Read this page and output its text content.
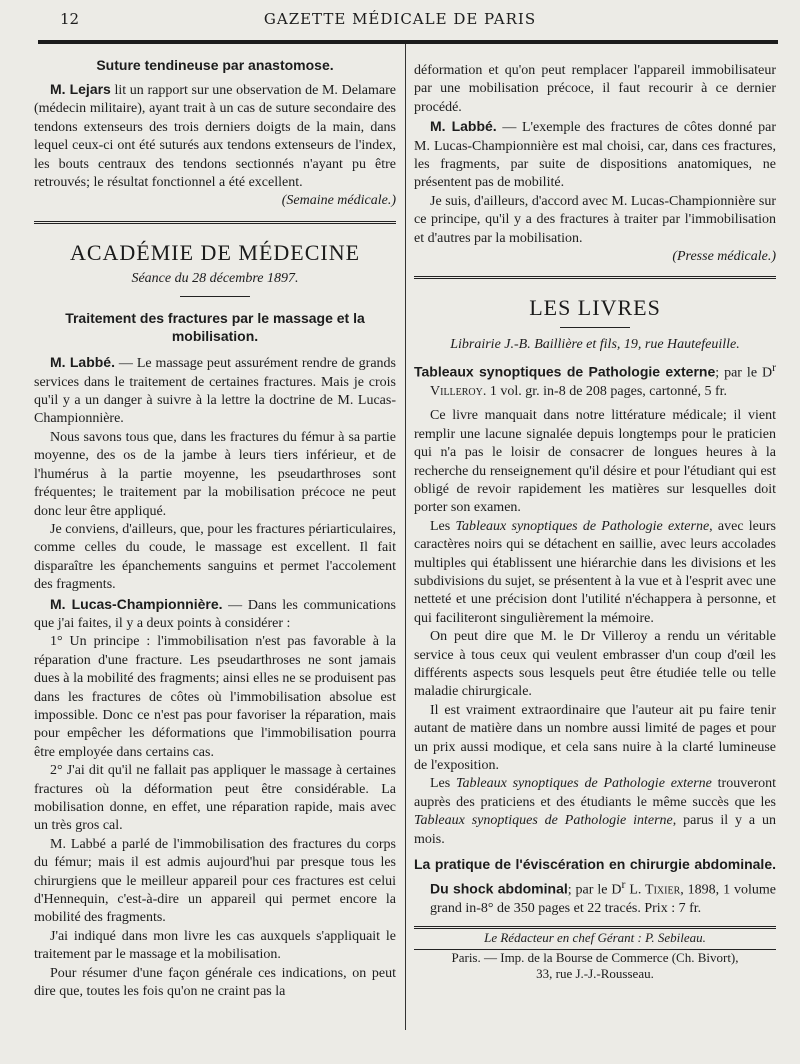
12	GAZETTE MÉDICALE DE PARIS
Suture tendineuse par anastomose.

M. Lejars lit un rapport sur une observation de M. Delamare (médecin militaire), ayant trait à un cas de suture secondaire des tendons extenseurs des trois derniers doigts de la main, dans lequel ceux-ci ont été suturés aux tendons extenseurs de l'index, les bouts centraux des tendons sectionnés n'ayant pu être retrouvés; le résultat fonctionnel a été excellent.

(Semaine médicale.)
ACADÉMIE DE MÉDECINE
Séance du 28 décembre 1897.
Traitement des fractures par le massage et la mobilisation.

M. Labbé. — Le massage peut assurément rendre de grands services dans le traitement de certaines fractures. Mais je crois qu'il y a un danger à suivre à la lettre la doctrine de M. Lucas-Championnière.

Nous savons tous que, dans les fractures du fémur à sa partie moyenne, des os de la jambe à leurs tiers inférieur, et de l'humérus à la partie moyenne, les pseudarthroses sont fréquentes; le traitement par la mobilisation précoce ne peut donc leur être appliqué.

Je conviens, d'ailleurs, que, pour les fractures périarticulaires, comme celles du coude, le massage est excellent. Il fait disparaître les épanchements sanguins et permet l'accolement des fragments.

M. Lucas-Championnière. — Dans les communications que j'ai faites, il y a deux points à considérer :

1° Un principe : l'immobilisation n'est pas favorable à la réparation d'une fracture. Les pseudarthroses ne sont jamais dues à la mobilité des fragments; ainsi elles ne se produisent pas dans les fractures de côtes où l'immobilisation absolue est impossible. Donc ce n'est pas pour favoriser la réparation, mais pour empêcher les déformations que l'immobilisation pourra être employée dans certains cas.

2° J'ai dit qu'il ne fallait pas appliquer le massage à certaines fractures où la déformation peut être considérable. La mobilisation donne, en effet, une réparation rapide, mais avec un très gros cal.

M. Labbé a parlé de l'immobilisation des fractures du corps du fémur; mais il est admis aujourd'hui par presque tous les chirurgiens que le meilleur appareil pour ces fractures est celui d'Hennequin, c'est-à-dire un appareil qui permet encore la mobilité des fragments.

J'ai indiqué dans mon livre les cas auxquels s'appliquait le traitement par le massage et la mobilisation.

Pour résumer d'une façon générale ces indications, on peut dire que, toutes les fois qu'on ne craint pas la

déformation et qu'on peut remplacer l'appareil immobilisateur par une mobilisation précoce, il faut recourir à ce dernier procédé.

M. Labbé. — L'exemple des fractures de côtes donné par M. Lucas-Championnière est mal choisi, car, dans ces fractures, les fragments, par suite de dispositions anatomiques, ne présentent pas de mobilité.

Je suis, d'ailleurs, d'accord avec M. Lucas-Championnière sur ce principe, qu'il y a des fractures à traiter par l'immobilisation et d'autres par la mobilisation.

(Presse médicale.)
LES LIVRES
Librairie J.-B. Baillière et fils, 19, rue Hautefeuille.
Tableaux synoptiques de Pathologie externe; par le $D^r$ Villeroy. 1 vol. gr. in-8 de 208 pages, cartonné, 5 fr.

Ce livre manquait dans notre littérature médicale; il vient remplir une lacune signalée depuis longtemps pour le praticien qui n'a pas le loisir de consacrer de longues heures à la recherche du renseignement qu'il désire et pour l'étudiant qui est obligé de revoir rapidement les matières sur lesquelles doit porter son examen.

Les Tableaux synoptiques de Pathologie externe, avec leurs caractères noirs qui se détachent en saillie, avec leurs accolades multiples qui établissent une hiérarchie dans les divisions et les subdivisions du sujet, se présentent à la vue et à l'esprit avec une netteté et une précision dont l'utilité n'échappera à personne, et qui faciliteront singulièrement la mémoire.

On peut dire que M. le Dr Villeroy a rendu un véritable service à tous ceux qui veulent embrasser d'un coup d'œil les différents aspects sous lesquels peut être étudiée telle ou telle maladie chirurgicale.

Il est vraiment extraordinaire que l'auteur ait pu faire tenir autant de matière dans un nombre aussi limité de pages et pour un prix aussi modique, et cela sans nuire à la clarté lumineuse de l'exposition.

Les Tableaux synoptiques de Pathologie externe trouveront auprès des praticiens et des étudiants le même succès que les Tableaux synoptiques de Pathologie interne, parus il y a un mois.

La pratique de l'éviscération en chirurgie abdominale. Du shock abdominal; par le $D^r$ L. Tixier, 1898, 1 volume grand in-8° de 350 pages et 22 tracés. Prix : 7 fr.
Le Rédacteur en chef Gérant : P. Sebileau.
Paris. — Imp. de la Bourse de Commerce (Ch. Bivort),
33, rue J.-J.-Rousseau.
